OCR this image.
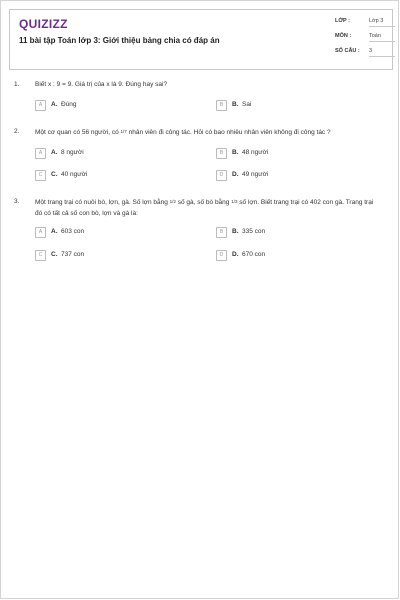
QUIZIZZ
11 bài tập Toán lớp 3: Giới thiệu bảng chia có đáp án
LỚP :	Lớp 3
MÔN :	Toán
SỐ CÂU : 3
1. Biết x : 9 = 9. Giá trị của x là 9. Đúng hay sai?
A	A. Đúng	B	B. Sai
2. Một cơ quan có 56 người, có 1/7 nhân viên đi công tác. Hỏi có bao nhiêu nhân viên không đi công tác ?
A	A. 8 người	B	B. 48 người
C	C. 40 người	D	D. 49 người
3. Một trang trại có nuôi bò, lợn, gà. Số lợn bằng 1/2 số gà, số bò bằng 1/3 số lợn. Biết trang trại có 402 con gà. Trang trại
đó có tất cả số con bò, lợn và gà là:
A	A. 603 con	B	B. 335 con
C	C. 737 con	D	D. 670 con
